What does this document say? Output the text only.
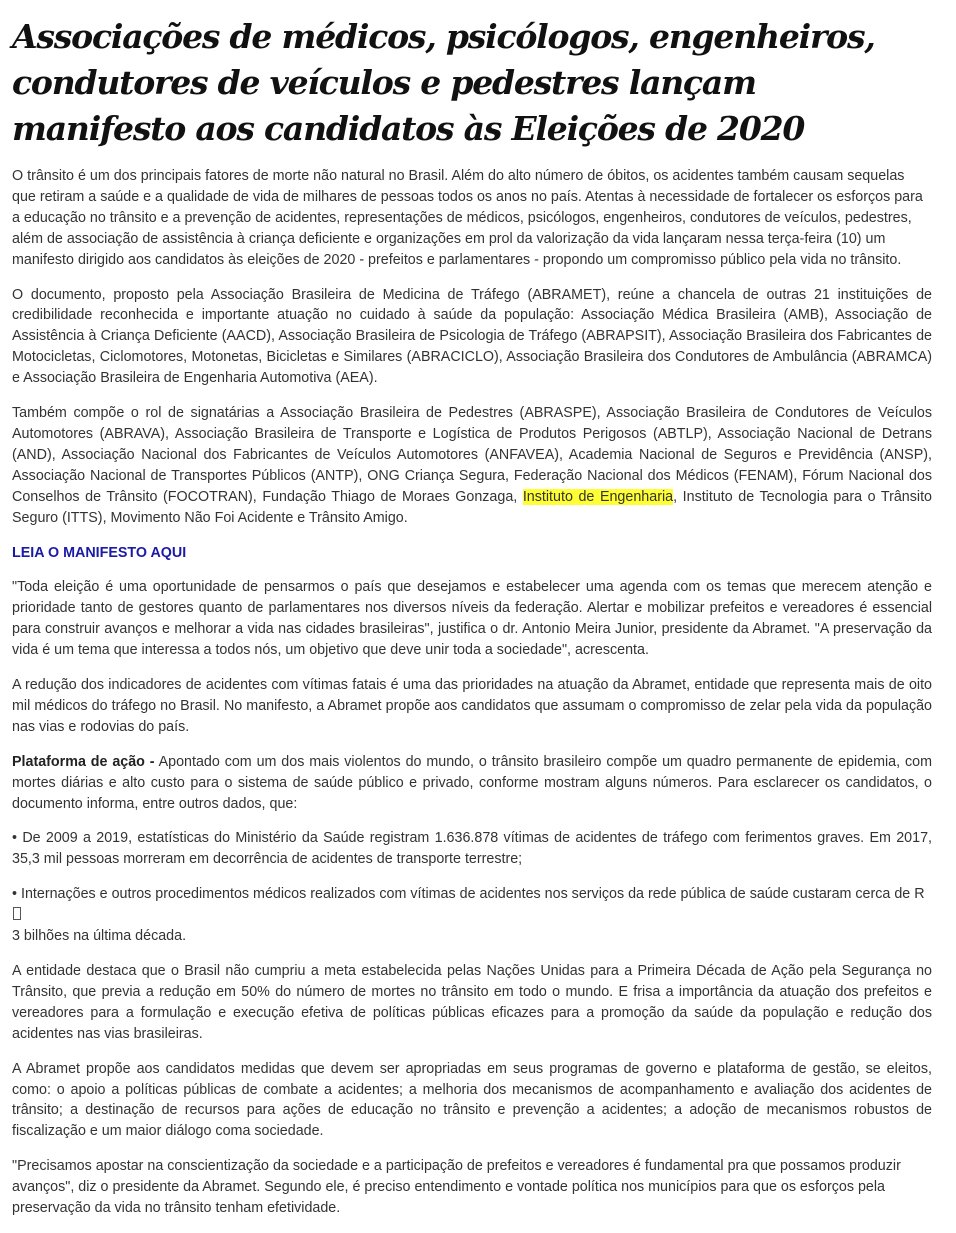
Associações de médicos, psicólogos, engenheiros, condutores de veículos e pedestres lançam manifesto aos candidatos às Eleições de 2020

O trânsito é um dos principais fatores de morte não natural no Brasil. Além do alto número de óbitos, os acidentes também causam sequelas que retiram a saúde e a qualidade de vida de milhares de pessoas todos os anos no país. Atentas à necessidade de fortalecer os esforços para a educação no trânsito e a prevenção de acidentes, representações de médicos, psicólogos, engenheiros, condutores de veículos, pedestres, além de associação de assistência à criança deficiente e organizações em prol da valorização da vida lançaram nessa terça-feira (10) um manifesto dirigido aos candidatos às eleições de 2020 - prefeitos e parlamentares - propondo um compromisso público pela vida no trânsito.

O documento, proposto pela Associação Brasileira de Medicina de Tráfego (ABRAMET), reúne a chancela de outras 21 instituições de credibilidade reconhecida e importante atuação no cuidado à saúde da população: Associação Médica Brasileira (AMB), Associação de Assistência à Criança Deficiente (AACD), Associação Brasileira de Psicologia de Tráfego (ABRAPSIT), Associação Brasileira dos Fabricantes de Motocicletas, Ciclomotores, Motonetas, Bicicletas e Similares (ABRACICLO), Associação Brasileira dos Condutores de Ambulância (ABRAMCA) e Associação Brasileira de Engenharia Automotiva (AEA).

Também compõe o rol de signatárias a Associação Brasileira de Pedestres (ABRASPE), Associação Brasileira de Condutores de Veículos Automotores (ABRAVA), Associação Brasileira de Transporte e Logística de Produtos Perigosos (ABTLP), Associação Nacional de Detrans (AND), Associação Nacional dos Fabricantes de Veículos Automotores (ANFAVEA), Academia Nacional de Seguros e Previdência (ANSP), Associação Nacional de Transportes Públicos (ANTP), ONG Criança Segura, Federação Nacional dos Médicos (FENAM), Fórum Nacional dos Conselhos de Trânsito (FOCOTRAN), Fundação Thiago de Moraes Gonzaga, Instituto de Engenharia, Instituto de Tecnologia para o Trânsito Seguro (ITTS), Movimento Não Foi Acidente e Trânsito Amigo.

LEIA O MANIFESTO AQUI

"Toda eleição é uma oportunidade de pensarmos o país que desejamos e estabelecer uma agenda com os temas que merecem atenção e prioridade tanto de gestores quanto de parlamentares nos diversos níveis da federação. Alertar e mobilizar prefeitos e vereadores é essencial para construir avanços e melhorar a vida nas cidades brasileiras", justifica o dr. Antonio Meira Junior, presidente da Abramet. "A preservação da vida é um tema que interessa a todos nós, um objetivo que deve unir toda a sociedade", acrescenta.

A redução dos indicadores de acidentes com vítimas fatais é uma das prioridades na atuação da Abramet, entidade que representa mais de oito mil médicos do tráfego no Brasil. No manifesto, a Abramet propõe aos candidatos que assumam o compromisso de zelar pela vida da população nas vias e rodovias do país.

Plataforma de ação - Apontado com um dos mais violentos do mundo, o trânsito brasileiro compõe um quadro permanente de epidemia, com mortes diárias e alto custo para o sistema de saúde público e privado, conforme mostram alguns números. Para esclarecer os candidatos, o documento informa, entre outros dados, que:

• De 2009 a 2019, estatísticas do Ministério da Saúde registram 1.636.878 vítimas de acidentes de tráfego com ferimentos graves. Em 2017, 35,3 mil pessoas morreram em decorrência de acidentes de transporte terrestre;

• Internações e outros procedimentos médicos realizados com vítimas de acidentes nos serviços da rede pública de saúde custaram cerca de R
3 bilhões na última década.

A entidade destaca que o Brasil não cumpriu a meta estabelecida pelas Nações Unidas para a Primeira Década de Ação pela Segurança no Trânsito, que previa a redução em 50% do número de mortes no trânsito em todo o mundo. E frisa a importância da atuação dos prefeitos e vereadores para a formulação e execução efetiva de políticas públicas eficazes para a promoção da saúde da população e redução dos acidentes nas vias brasileiras.

A Abramet propõe aos candidatos medidas que devem ser apropriadas em seus programas de governo e plataforma de gestão, se eleitos, como: o apoio a políticas públicas de combate a acidentes; a melhoria dos mecanismos de acompanhamento e avaliação dos acidentes de trânsito; a destinação de recursos para ações de educação no trânsito e prevenção a acidentes; a adoção de mecanismos robustos de fiscalização e um maior diálogo coma sociedade.

"Precisamos apostar na conscientização da sociedade e a participação de prefeitos e vereadores é fundamental pra que possamos produzir avanços", diz o presidente da Abramet. Segundo ele, é preciso entendimento e vontade política nos municípios para que os esforços pela preservação da vida no trânsito tenham efetividade.
